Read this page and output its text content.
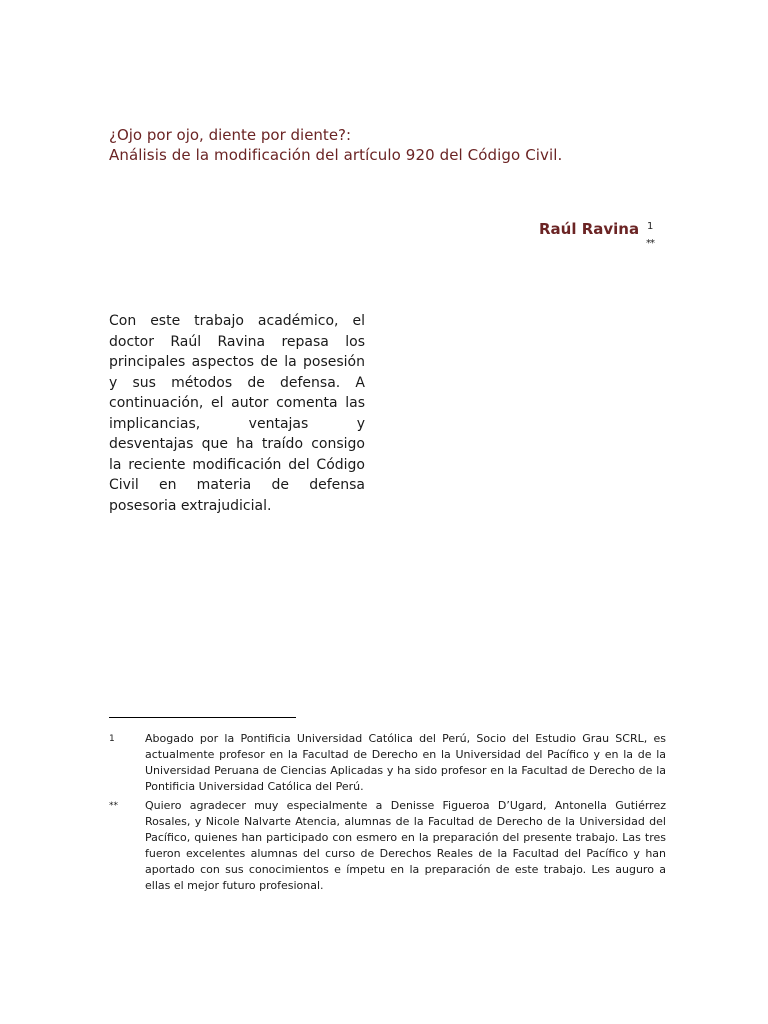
¿Ojo por ojo, diente por diente?:
Análisis de la modificación del artículo 920 del Código Civil.
Raúl Ravina 1
**
Con este trabajo académico, el doctor Raúl Ravina repasa los principales aspectos de la posesión y sus métodos de defensa. A continuación, el autor comenta las implicancias, ventajas y desventajas que ha traído consigo la reciente modificación del Código Civil en materia de defensa posesoria extrajudicial.
1	Abogado por la Pontificia Universidad Católica del Perú, Socio del Estudio Grau SCRL, es actualmente profesor en la Facultad de Derecho en la Universidad del Pacífico y en la de la Universidad Peruana de Ciencias Aplicadas y ha sido profesor en la Facultad de Derecho de la Pontificia Universidad Católica del Perú.
** Quiero agradecer muy especialmente a Denisse Figueroa D’Ugard, Antonella Gutiérrez Rosales, y Nicole Nalvarte Atencia, alumnas de la Facultad de Derecho de la Universidad del Pacífico, quienes han participado con esmero en la preparación del presente trabajo. Las tres fueron excelentes alumnas del curso de Derechos Reales de la Facultad del Pacífico y han aportado con sus conocimientos e ímpetu en la preparación de este trabajo. Les auguro a ellas el mejor futuro profesional.
